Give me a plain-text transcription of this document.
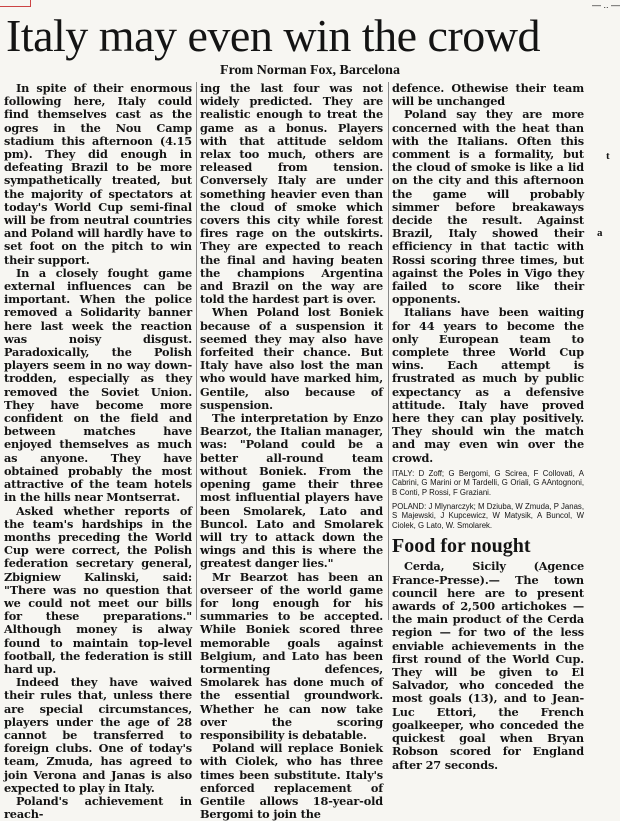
Italy may even win the crowd
From Norman Fox, Barcelona

In spite of their enormous following here, Italy could find themselves cast as the ogres in the Nou Camp stadium this afternoon (4.15 pm). They did enough in defeating Brazil to be more sympathetically treated, but the majority of spectators at today's World Cup semi-final will be from neutral countries and Poland will hardly have to set foot on the pitch to win their support.

In a closely fought game external influences can be important. When the police removed a Solidarity banner here last week the reaction was noisy disgust. Paradoxically, the Polish players seem in no way down-trodden, especially as they removed the Soviet Union. They have become more confident on the field and between matches have enjoyed themselves as much as anyone. They have obtained probably the most attractive of the team hotels in the hills near Montserrat.

Asked whether reports of the team's hardships in the months preceding the World Cup were correct, the Polish federation secretary general, Zbigniew Kalinski, said: "There was no question that we could not meet our bills for these preparations." Although money is alway found to maintain top-level football, the federation is still hard up.

Indeed they have waived their rules that, unless there are special circumstances, players under the age of 28 cannot be transferred to foreign clubs. One of today's team, Zmuda, has agreed to join Verona and Janas is also expected to play in Italy.

Poland's achievement in reach-

ing the last four was not widely predicted. They are realistic enough to treat the game as a bonus. Players with that attitude seldom relax too much, others are released from tension. Conversely Italy are under something heavier even than the cloud of smoke which covers this city while forest fires rage on the outskirts. They are expected to reach the final and having beaten the champions Argentina and Brazil on the way are told the hardest part is over.

When Poland lost Boniek because of a suspension it seemed they may also have forfeited their chance. But Italy have also lost the man who would have marked him, Gentile, also because of suspension.

The interpretation by Enzo Bearzot, the Italian manager, was: "Poland could be a better all-round team without Boniek. From the opening game their three most influential players have been Smolarek, Lato and Buncol. Lato and Smolarek will try to attack down the wings and this is where the greatest danger lies."

Mr Bearzot has been an overseer of the world game for long enough for his summaries to be accepted. While Boniek scored three memorable goals against Belgium, and Lato has been tormenting defences, Smolarek has done much of the essential groundwork. Whether he can now take over the scoring responsibility is debatable.

Poland will replace Boniek with Ciolek, who has three times been substitute. Italy's enforced replacement of Gentile allows 18-year-old Bergomi to join the

defence. Othewise their team will be unchanged

Poland say they are more concerned with the heat than with the Italians. Often this comment is a formality, but the cloud of smoke is like a lid on the city and this afternoon the game will probably simmer before breakaways decide the result. Against Brazil, Italy showed their efficiency in that tactic with Rossi scoring three times, but against the Poles in Vigo they failed to score like their opponents.

Italians have been waiting for 44 years to become the only European team to complete three World Cup wins. Each attempt is frustrated as much by public expectancy as a defensive attitude. Italy have proved here they can play positively. They should win the match and may even win over the crowd.

ITALY: D Zoff; G Bergomi, G Scirea, F Collovati, A Cabrini, G Marini or M Tardelli, G Oriali, G AAntognoni, B Conti, P Rossi, F Graziani.

POLAND: J Mlynarczyk; M Dziuba, W Zmuda, P Janas, S Majewski, J Kupcewicz, W Matysik, A Buncol, W Ciolek, G Lato, W. Smolarek.

Food for nought

Cerda, Sicily (Agence France-Presse).— The town council here are to present awards of 2,500 artichokes — the main product of the Cerda region — for two of the less enviable achievements in the first round of the World Cup. They will be given to El Salvador, who conceded the most goals (13), and to Jean-Luc Ettori, the French goalkeeper, who conceded the quickest goal when Bryan Robson scored for England after 27 seconds.

— .. —
t
a
